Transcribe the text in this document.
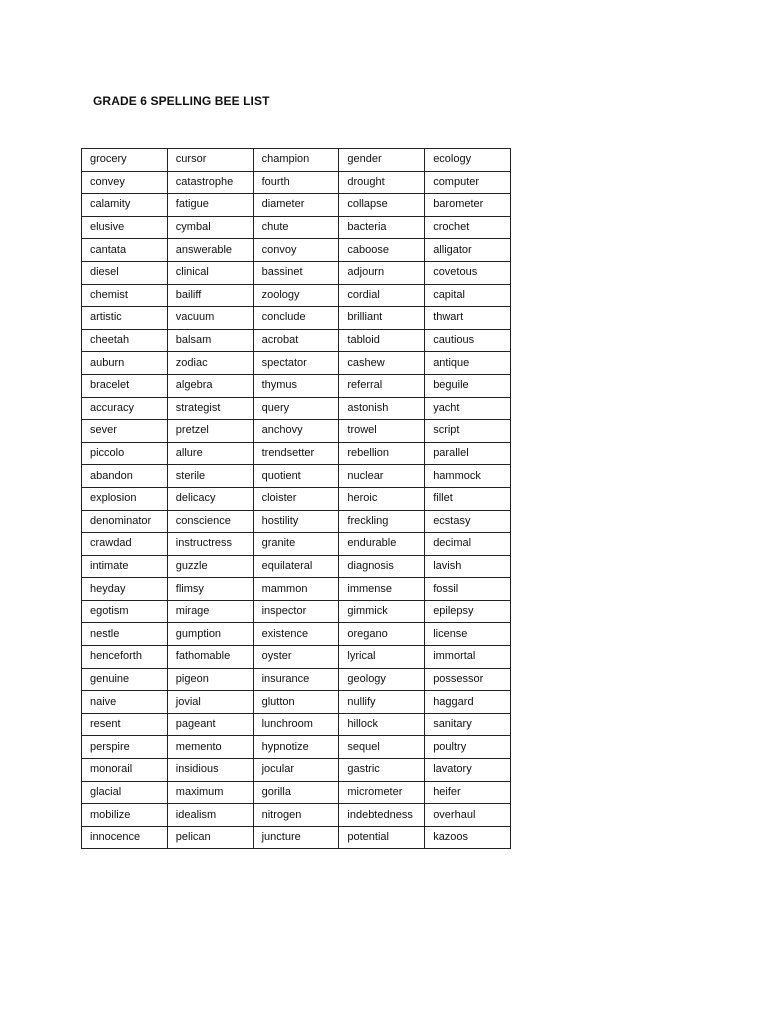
GRADE 6 SPELLING BEE LIST
grocery	cursor	champion	gender	ecology
convey	catastrophe	fourth	drought	computer
calamity	fatigue	diameter	collapse	barometer
elusive	cymbal	chute	bacteria	crochet
cantata	answerable	convoy	caboose	alligator
diesel	clinical	bassinet	adjourn	covetous
chemist	bailiff	zoology	cordial	capital
artistic	vacuum	conclude	brilliant	thwart
cheetah	balsam	acrobat	tabloid	cautious
auburn	zodiac	spectator	cashew	antique
bracelet	algebra	thymus	referral	beguile
accuracy	strategist	query	astonish	yacht
sever	pretzel	anchovy	trowel	script
piccolo	allure	trendsetter	rebellion	parallel
abandon	sterile	quotient	nuclear	hammock
explosion	delicacy	cloister	heroic	fillet
denominator	conscience	hostility	freckling	ecstasy
crawdad	instructress	granite	endurable	decimal
intimate	guzzle	equilateral	diagnosis	lavish
heyday	flimsy	mammon	immense	fossil
egotism	mirage	inspector	gimmick	epilepsy
nestle	gumption	existence	oregano	license
henceforth	fathomable	oyster	lyrical	immortal
genuine	pigeon	insurance	geology	possessor
naive	jovial	glutton	nullify	haggard
resent	pageant	lunchroom	hillock	sanitary
perspire	memento	hypnotize	sequel	poultry
monorail	insidious	jocular	gastric	lavatory
glacial	maximum	gorilla	micrometer	heifer
mobilize	idealism	nitrogen	indebtedness	overhaul
innocence	pelican	juncture	potential	kazoos
